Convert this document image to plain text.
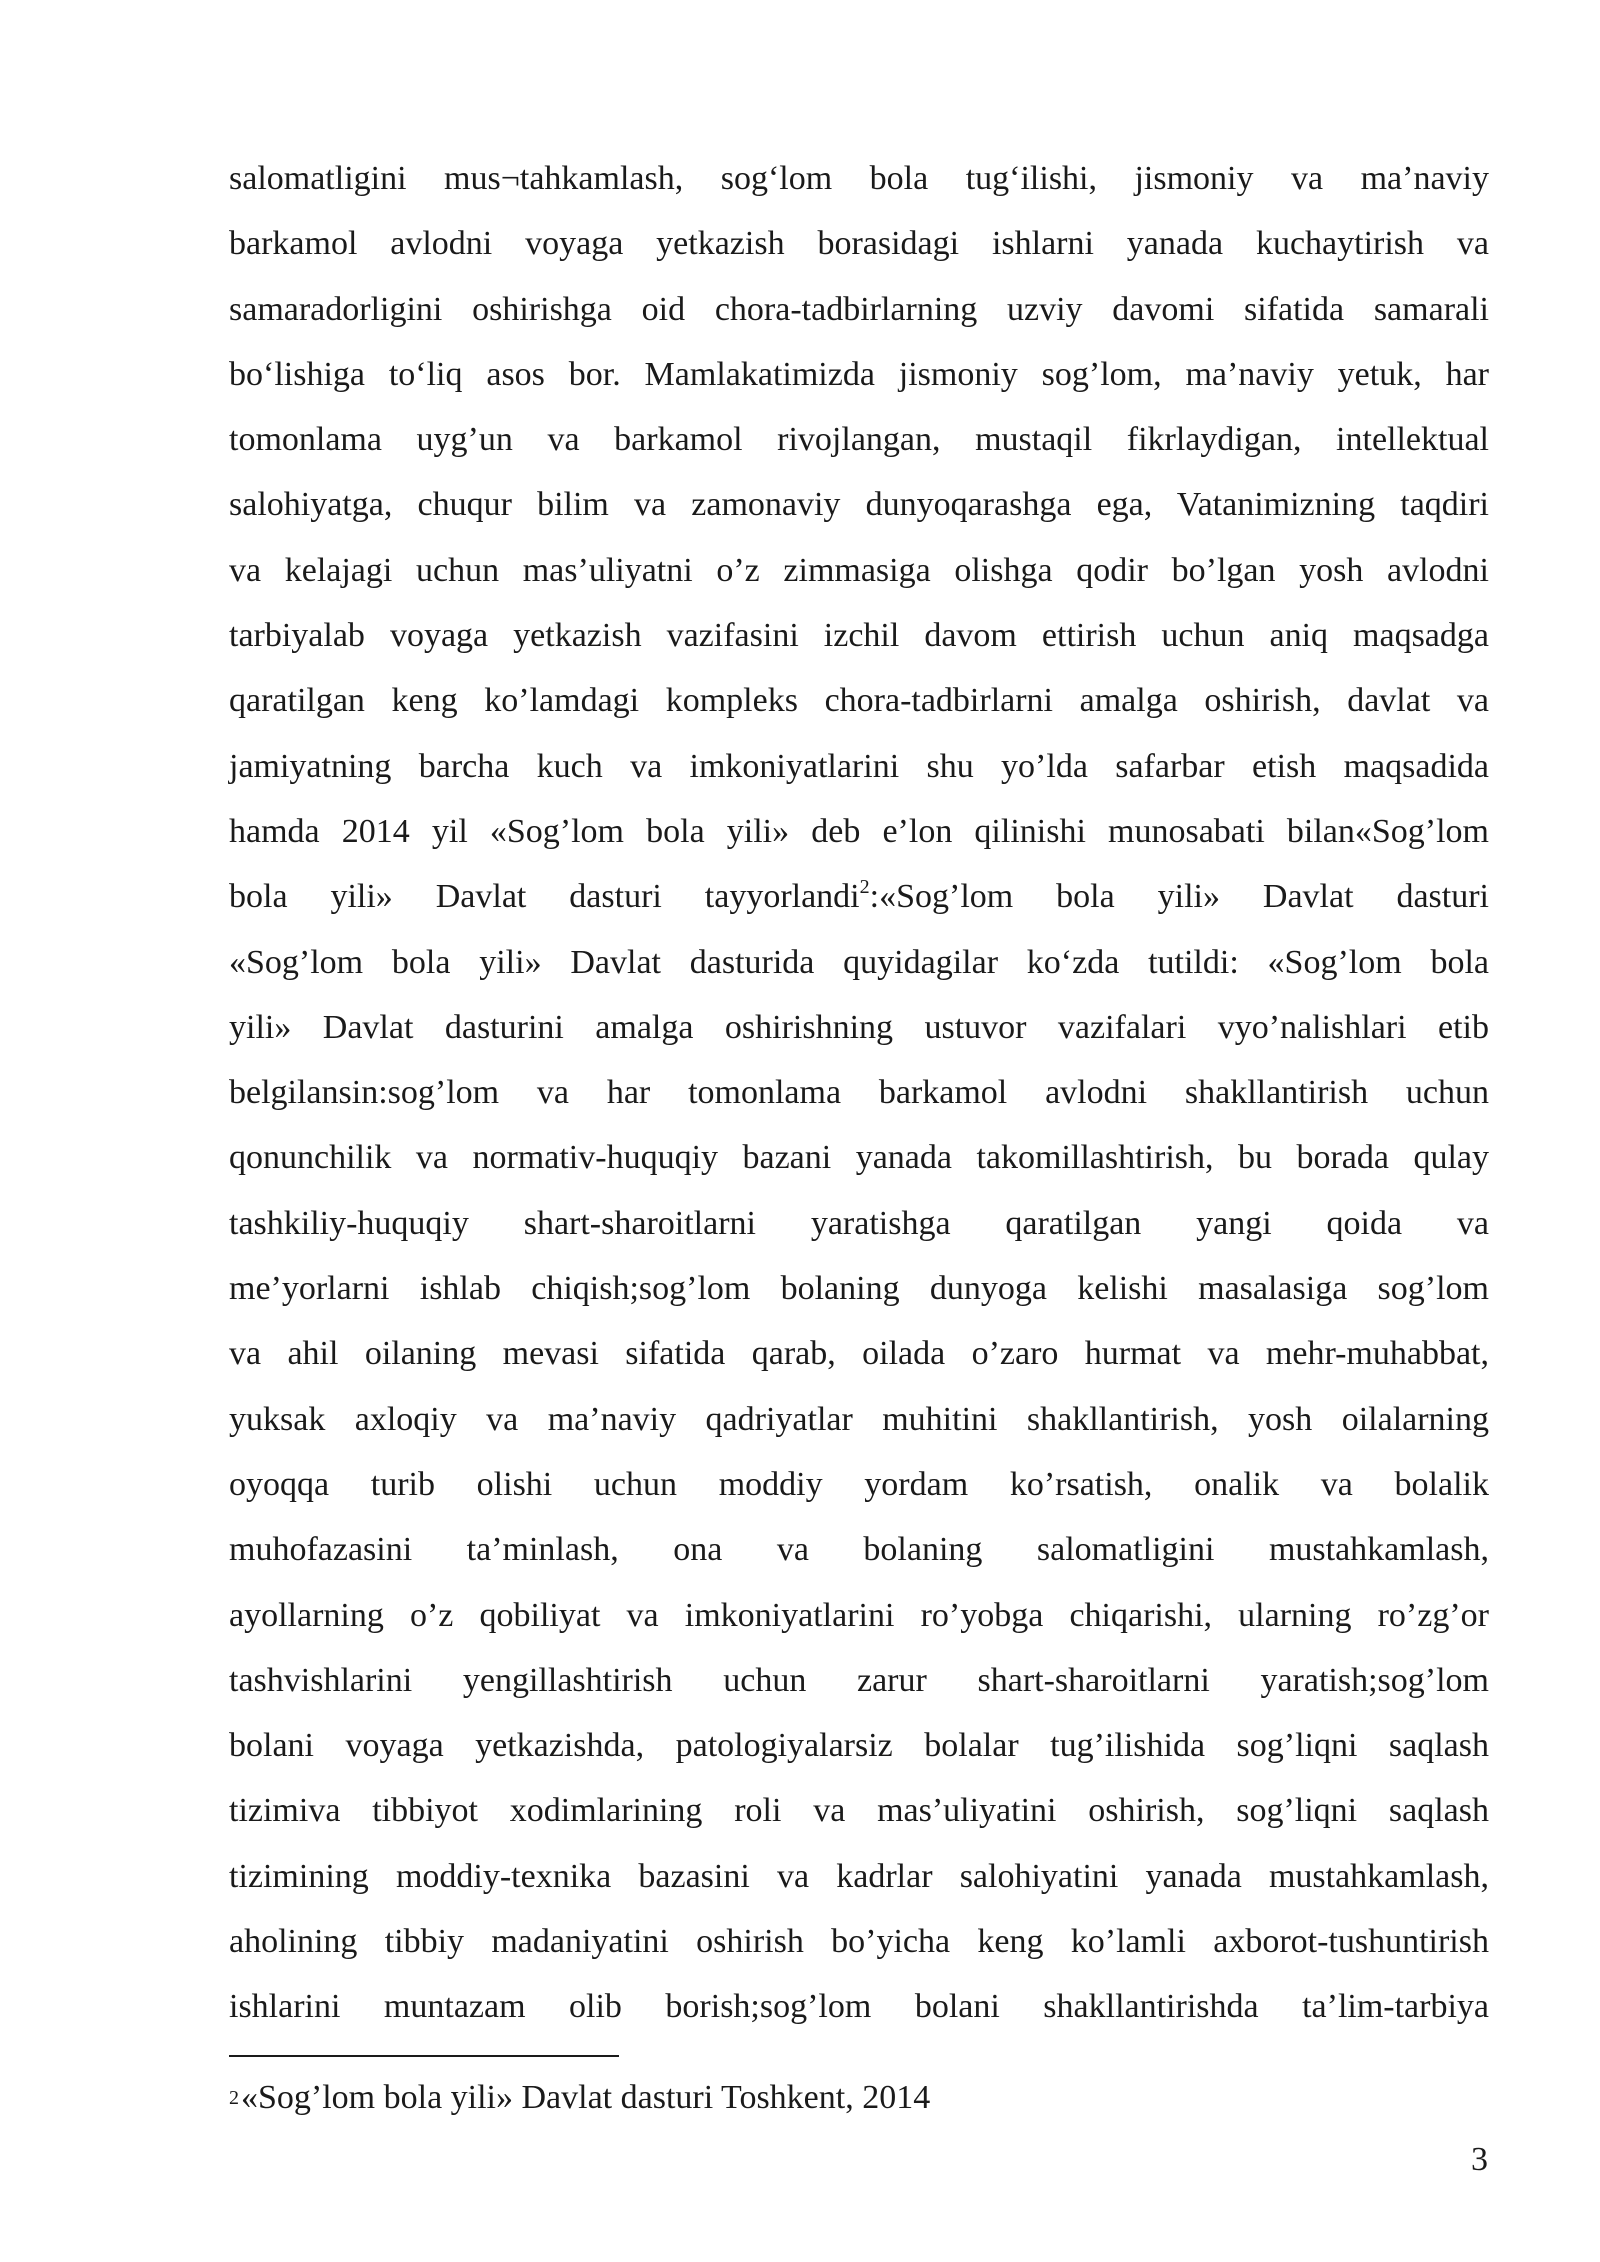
salomatligini mus¬tahkamlash, sog‘lom bola tug‘ilishi, jismoniy va ma’naviy
barkamol avlodni voyaga yetkazish borasidagi ishlarni yanada kuchaytirish va
samaradorligini oshirishga oid chora-tadbirlarning uzviy davomi sifatida samarali
bo‘lishiga to‘liq asos bor. Mamlakatimizda jismoniy sog’lom, ma’naviy yetuk, har
tomonlama uyg’un va barkamol rivojlangan, mustaqil fikrlaydigan, intellektual
salohiyatga, chuqur bilim va zamonaviy dunyoqarashga ega, Vatanimizning taqdiri
va kelajagi uchun mas’uliyatni o’z zimmasiga olishga qodir bo’lgan yosh avlodni
tarbiyalab voyaga yetkazish vazifasini izchil davom ettirish uchun aniq maqsadga
qaratilgan keng ko’lamdagi kompleks chora-tadbirlarni amalga oshirish, davlat va
jamiyatning barcha kuch va imkoniyatlarini shu yo’lda safarbar etish maqsadida
hamda 2014 yil «Sog’lom bola yili» deb e’lon qilinishi munosabati bilan«Sog’lom
bola yili» Davlat dasturi tayyorlandi$^2$:«Sog’lom bola yili» Davlat dasturi
«Sog’lom bola yili» Davlat dasturida quyidagilar ko‘zda tutildi: «Sog’lom bola
yili» Davlat dasturini amalga oshirishning ustuvor vazifalari vyo’nalishlari etib
belgilansin:sog’lom va har tomonlama barkamol avlodni shakllantirish uchun
qonunchilik va normativ-huquqiy bazani yanada takomillashtirish, bu borada qulay
tashkiliy-huquqiy shart-sharoitlarni yaratishga qaratilgan yangi qoida va
me’yorlarni ishlab chiqish;sog’lom bolaning dunyoga kelishi masalasiga sog’lom
va ahil oilaning mevasi sifatida qarab, oilada o’zaro hurmat va mehr-muhabbat,
yuksak axloqiy va ma’naviy qadriyatlar muhitini shakllantirish, yosh oilalarning
oyoqqa turib olishi uchun moddiy yordam ko’rsatish, onalik va bolalik
muhofazasini ta’minlash, ona va bolaning salomatligini mustahkamlash,
ayollarning o’z qobiliyat va imkoniyatlarini ro’yobga chiqarishi, ularning ro’zg’or
tashvishlarini yengillashtirish uchun zarur shart-sharoitlarni yaratish;sog’lom
bolani voyaga yetkazishda, patologiyalarsiz bolalar tug’ilishida sog’liqni saqlash
tizimiva tibbiyot xodimlarining roli va mas’uliyatini oshirish, sog’liqni saqlash
tizimining moddiy-texnika bazasini va kadrlar salohiyatini yanada mustahkamlash,
aholining tibbiy madaniyatini oshirish bo’yicha keng ko’lamli axborot-tushuntirish
ishlarini muntazam olib borish;sog’lom bolani shakllantirishda ta’lim-tarbiya
2«Sog’lom bola yili» Davlat dasturi Toshkent, 2014
3
